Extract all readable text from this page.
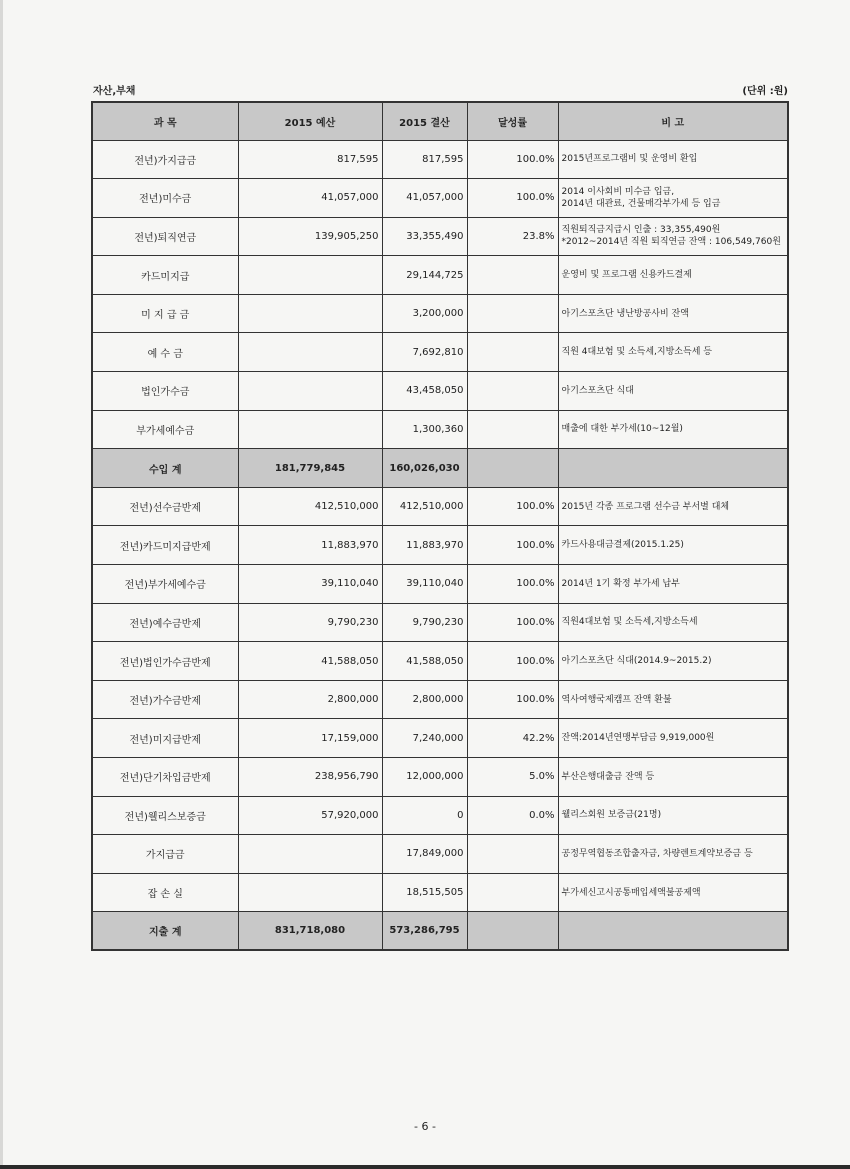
자산,부채	(단위 :원)
과 목	2015 예산	2015 결산	달성률	비 고
전년)가지급금	817,595	817,595	100.0%	2015년프로그램비 및 운영비 환입
전년)미수금	41,057,000	41,057,000	100.0%	2014 이사회비 미수금 입금,
2014년 대관료, 건물매각부가세 등 입금
전년)퇴직연금	139,905,250	33,355,490	23.8%	직원퇴직금지급시 인출 : 33,355,490원
*2012~2014년 직원 퇴직연금 잔액 : 106,549,760원
카드미지급		29,144,725		운영비 및 프로그램 신용카드결제
미 지 급 금		3,200,000		아기스포츠단 냉난방공사비 잔액
예 수 금		7,692,810		직원 4대보험 및 소득세,지방소득세 등
법인가수금		43,458,050		아기스포츠단 식대
부가세예수금		1,300,360		매출에 대한 부가세(10~12월)
수입 계	181,779,845	160,026,030		
전년)선수금반제	412,510,000	412,510,000	100.0%	2015년 각종 프로그램 선수금 부서별 대체
전년)카드미지급반제	11,883,970	11,883,970	100.0%	카드사용대금결제(2015.1.25)
전년)부가세예수금	39,110,040	39,110,040	100.0%	2014년 1기 확정 부가세 납부
전년)예수금반제	9,790,230	9,790,230	100.0%	직원4대보험 및 소득세,지방소득세
전년)법인가수금반제	41,588,050	41,588,050	100.0%	아기스포츠단 식대(2014.9~2015.2)
전년)가수금반제	2,800,000	2,800,000	100.0%	역사여행국제캠프 잔액 환불
전년)미지급반제	17,159,000	7,240,000	42.2%	잔액:2014년연맹부담금 9,919,000원
전년)단기차입금반제	238,956,790	12,000,000	5.0%	부산은행대출금 잔액 등
전년)웰리스보증금	57,920,000	0	0.0%	웰리스회원 보증금(21명)
가지급금		17,849,000		공정무역협동조합출자금, 차량렌트계약보증금 등
잡 손 실		18,515,505		부가세신고시공통매입세액불공제액
지출 계	831,718,080	573,286,795		
- 6 -
